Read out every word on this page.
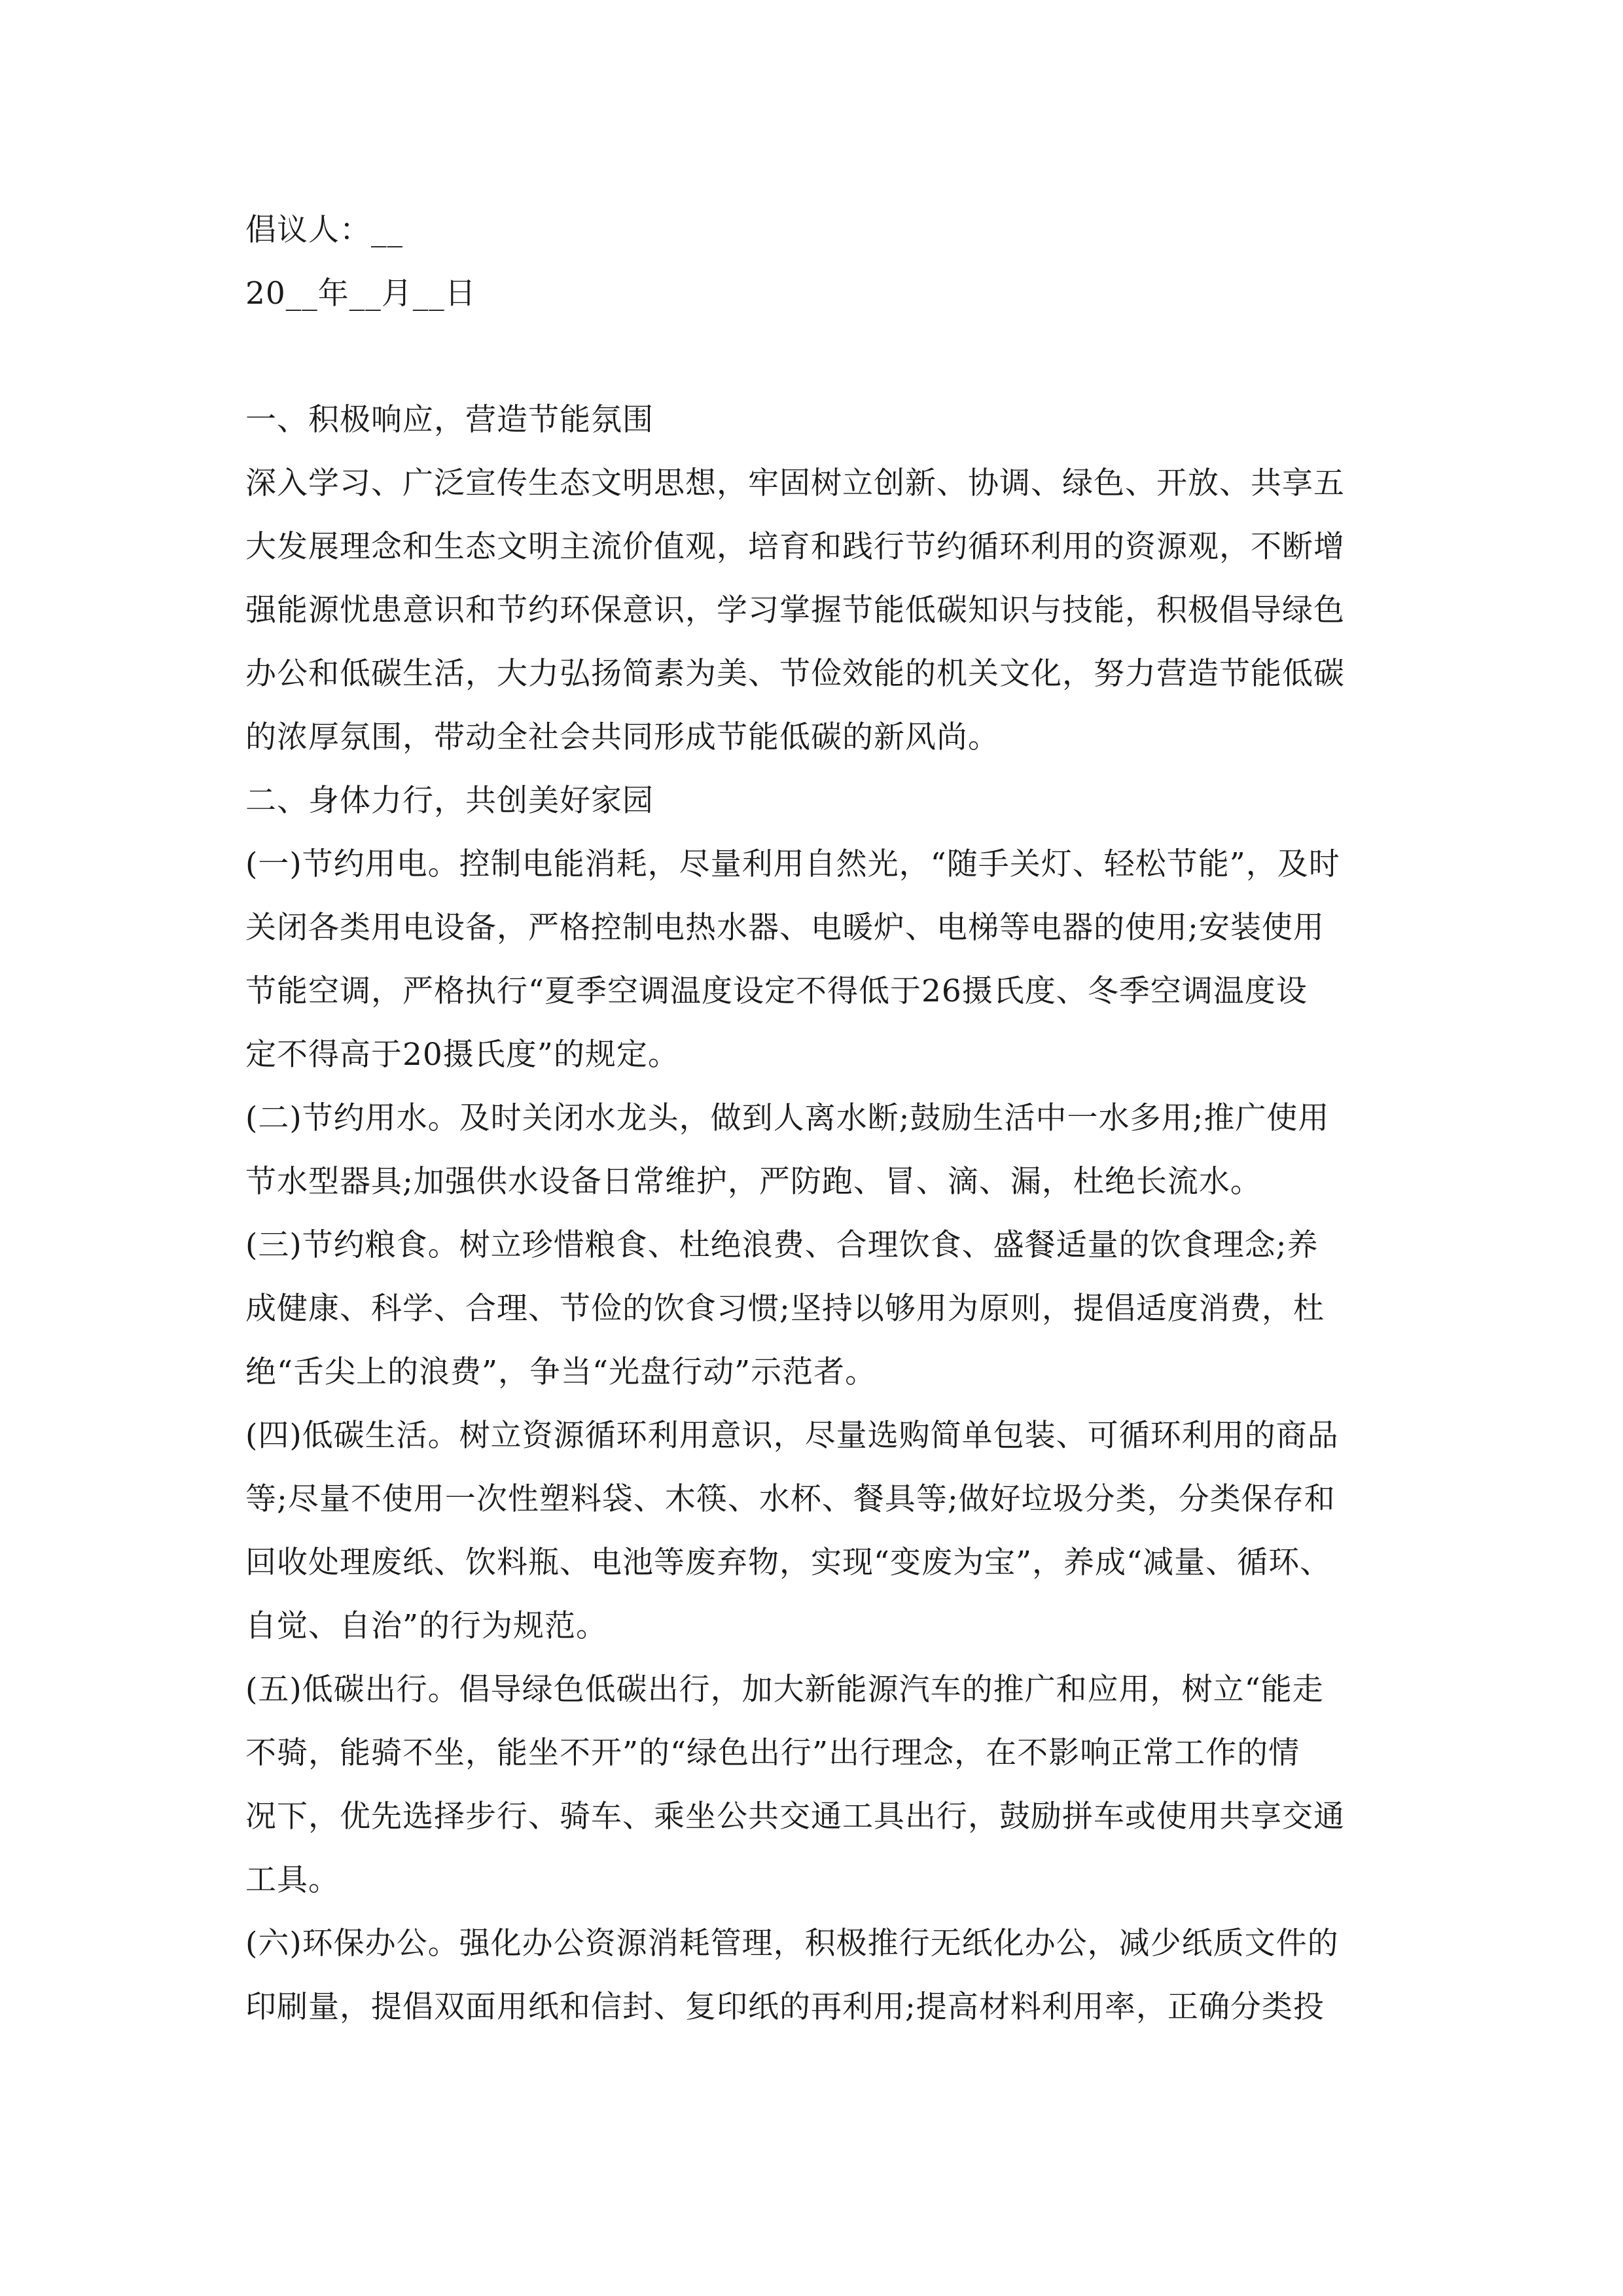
倡议人：__
20__年__月__日
一、积极响应，营造节能氛围
深入学习、广泛宣传生态文明思想，牢固树立创新、协调、绿色、开放、共享五
大发展理念和生态文明主流价值观，培育和践行节约循环利用的资源观，不断增
强能源忧患意识和节约环保意识，学习掌握节能低碳知识与技能，积极倡导绿色
办公和低碳生活，大力弘扬简素为美、节俭效能的机关文化，努力营造节能低碳
的浓厚氛围，带动全社会共同形成节能低碳的新风尚。
二、身体力行，共创美好家园
(一)节约用电。控制电能消耗，尽量利用自然光，“随手关灯、轻松节能”，及时
关闭各类用电设备，严格控制电热水器、电暖炉、电梯等电器的使用;安装使用
节能空调，严格执行“夏季空调温度设定不得低于26摄氏度、冬季空调温度设
定不得高于20摄氏度”的规定。
(二)节约用水。及时关闭水龙头，做到人离水断;鼓励生活中一水多用;推广使用
节水型器具;加强供水设备日常维护，严防跑、冒、滴、漏，杜绝长流水。
(三)节约粮食。树立珍惜粮食、杜绝浪费、合理饮食、盛餐适量的饮食理念;养
成健康、科学、合理、节俭的饮食习惯;坚持以够用为原则，提倡适度消费，杜
绝“舌尖上的浪费”，争当“光盘行动”示范者。
(四)低碳生活。树立资源循环利用意识，尽量选购简单包装、可循环利用的商品
等;尽量不使用一次性塑料袋、木筷、水杯、餐具等;做好垃圾分类，分类保存和
回收处理废纸、饮料瓶、电池等废弃物，实现“变废为宝”，养成“减量、循环、
自觉、自治”的行为规范。
(五)低碳出行。倡导绿色低碳出行，加大新能源汽车的推广和应用，树立“能走
不骑，能骑不坐，能坐不开”的“绿色出行”出行理念，在不影响正常工作的情
况下，优先选择步行、骑车、乘坐公共交通工具出行，鼓励拼车或使用共享交通
工具。
(六)环保办公。强化办公资源消耗管理，积极推行无纸化办公，减少纸质文件的
印刷量，提倡双面用纸和信封、复印纸的再利用;提高材料利用率，正确分类投
